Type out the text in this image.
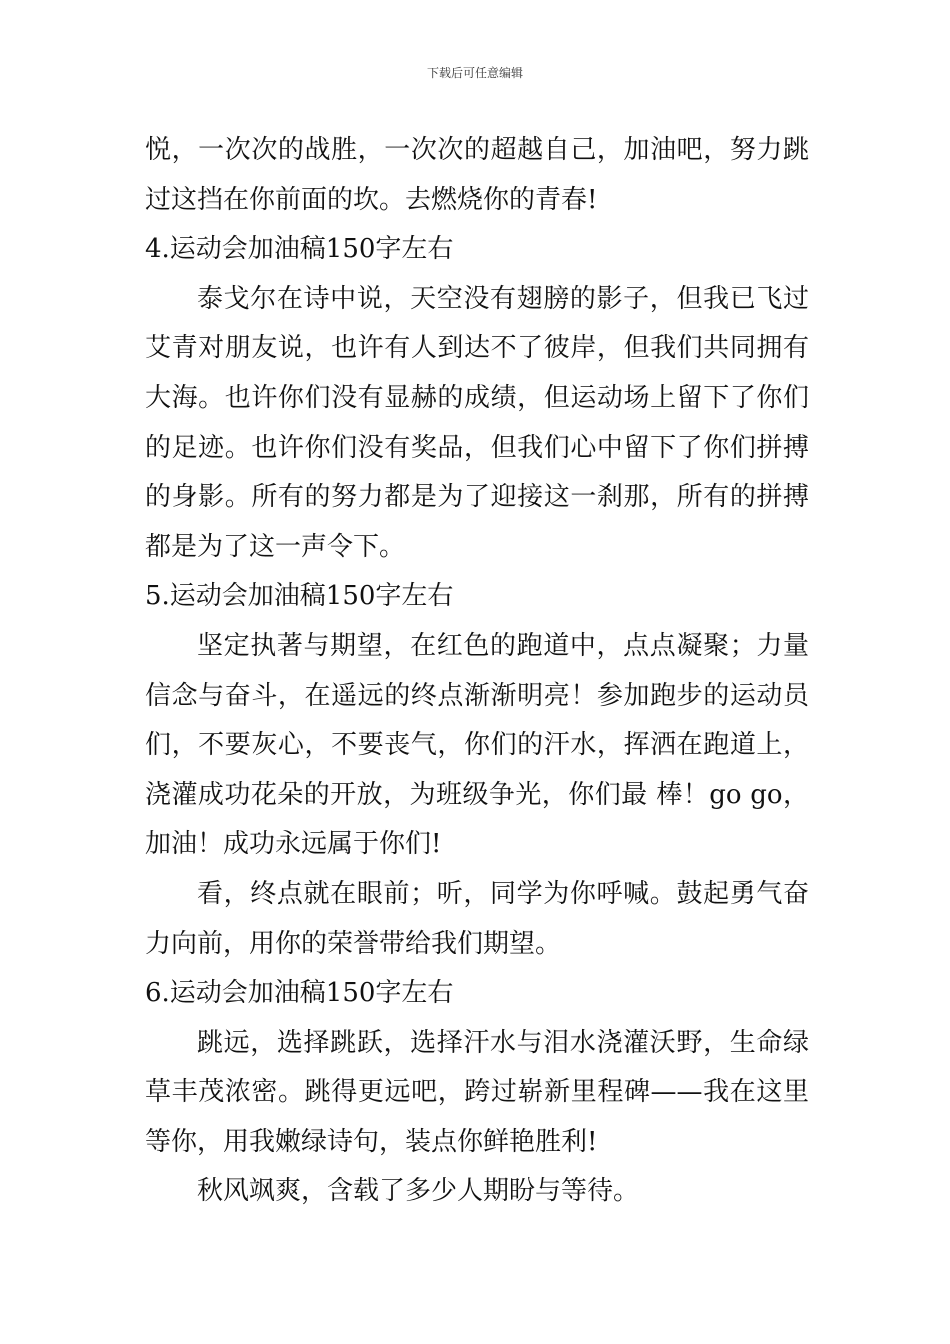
下载后可任意编辑
悦，一次次的战胜，一次次的超越自己，加油吧，努力跳
过这挡在你前面的坎。去燃烧你的青春!
4.运动会加油稿150字左右
泰戈尔在诗中说，天空没有翅膀的影子，但我已飞过
艾青对朋友说，也许有人到达不了彼岸，但我们共同拥有
大海。也许你们没有显赫的成绩，但运动场上留下了你们
的足迹。也许你们没有奖品，但我们心中留下了你们拼搏
的身影。所有的努力都是为了迎接这一刹那，所有的拼搏
都是为了这一声令下。
5.运动会加油稿150字左右
坚定执著与期望，在红色的跑道中，点点凝聚；力量
信念与奋斗，在遥远的终点渐渐明亮！参加跑步的运动员
们，不要灰心，不要丧气，你们的汗水，挥洒在跑道上，
浇灌成功花朵的开放，为班级争光，你们最 棒！go go，
加油！成功永远属于你们!
看，终点就在眼前；听，同学为你呼喊。鼓起勇气奋
力向前，用你的荣誉带给我们期望。
6.运动会加油稿150字左右
跳远，选择跳跃，选择汗水与泪水浇灌沃野，生命绿
草丰茂浓密。跳得更远吧，跨过崭新里程碑——我在这里
等你，用我嫩绿诗句，装点你鲜艳胜利!
秋风飒爽，含载了多少人期盼与等待。
